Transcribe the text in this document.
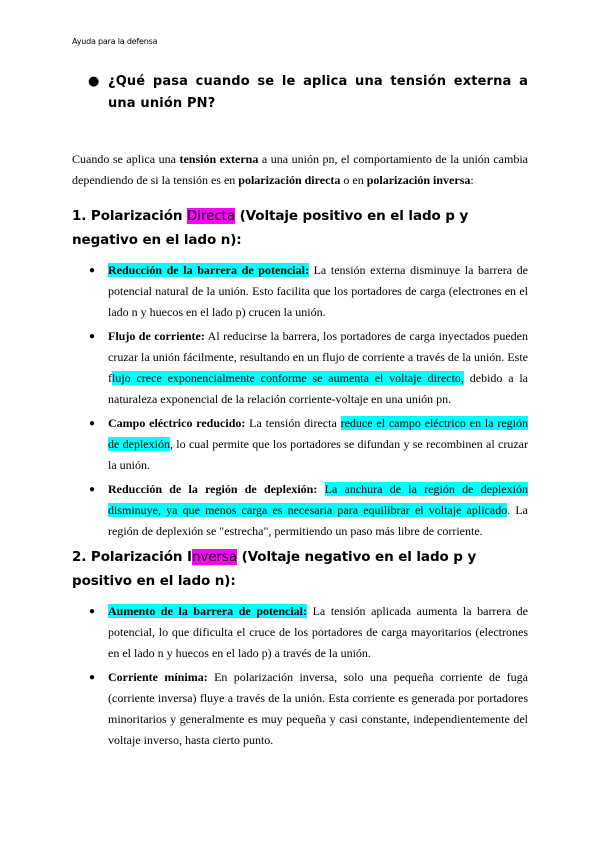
Ayuda para la defensa
● ¿Qué pasa cuando se le aplica una tensión externa a una unión PN?

Cuando se aplica una tensión externa a una unión pn, el comportamiento de la unión cambia dependiendo de si la tensión es en polarización directa o en polarización inversa:

1. Polarización Directa (Voltaje positivo en el lado p y negativo en el lado n):
● Reducción de la barrera de potencial: La tensión externa disminuye la barrera de potencial natural de la unión. Esto facilita que los portadores de carga (electrones en el lado n y huecos en el lado p) crucen la unión.
● Flujo de corriente: Al reducirse la barrera, los portadores de carga inyectados pueden cruzar la unión fácilmente, resultando en un flujo de corriente a través de la unión. Este flujo crece exponencialmente conforme se aumenta el voltaje directo, debido a la naturaleza exponencial de la relación corriente-voltaje en una unión pn.
● Campo eléctrico reducido: La tensión directa reduce el campo eléctrico en la región de deplexión, lo cual permite que los portadores se difundan y se recombinen al cruzar la unión.
● Reducción de la región de deplexión: La anchura de la región de deplexión disminuye, ya que menos carga es necesaria para equilibrar el voltaje aplicado. La región de deplexión se "estrecha", permitiendo un paso más libre de corriente.
2. Polarización Inversa (Voltaje negativo en el lado p y positivo en el lado n):
● Aumento de la barrera de potencial: La tensión aplicada aumenta la barrera de potencial, lo que dificulta el cruce de los portadores de carga mayoritarios (electrones en el lado n y huecos en el lado p) a través de la unión.
● Corriente mínima: En polarización inversa, solo una pequeña corriente de fuga (corriente inversa) fluye a través de la unión. Esta corriente es generada por portadores minoritarios y generalmente es muy pequeña y casi constante, independientemente del voltaje inverso, hasta cierto punto.
